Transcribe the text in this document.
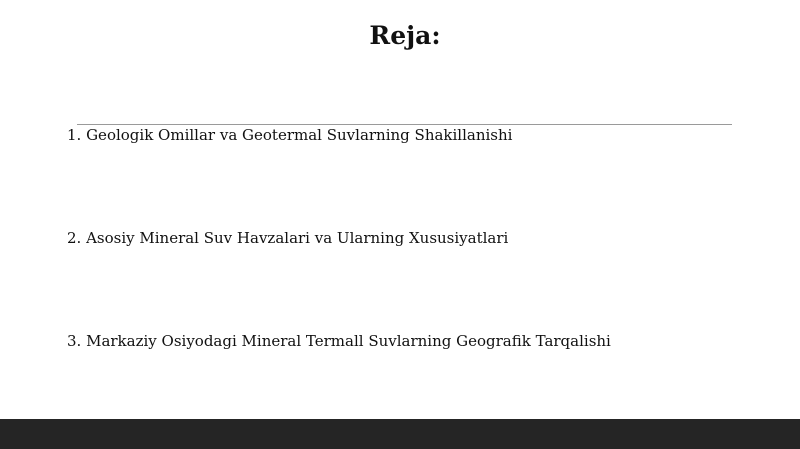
Reja:
1. Geologik Omillar va Geotermal Suvlarning Shakillanishi
2. Asosiy Mineral Suv Havzalari va Ularning Xususiyatlari
3. Markaziy Osiyodagi Mineral Termall Suvlarning Geografik Tarqalishi
